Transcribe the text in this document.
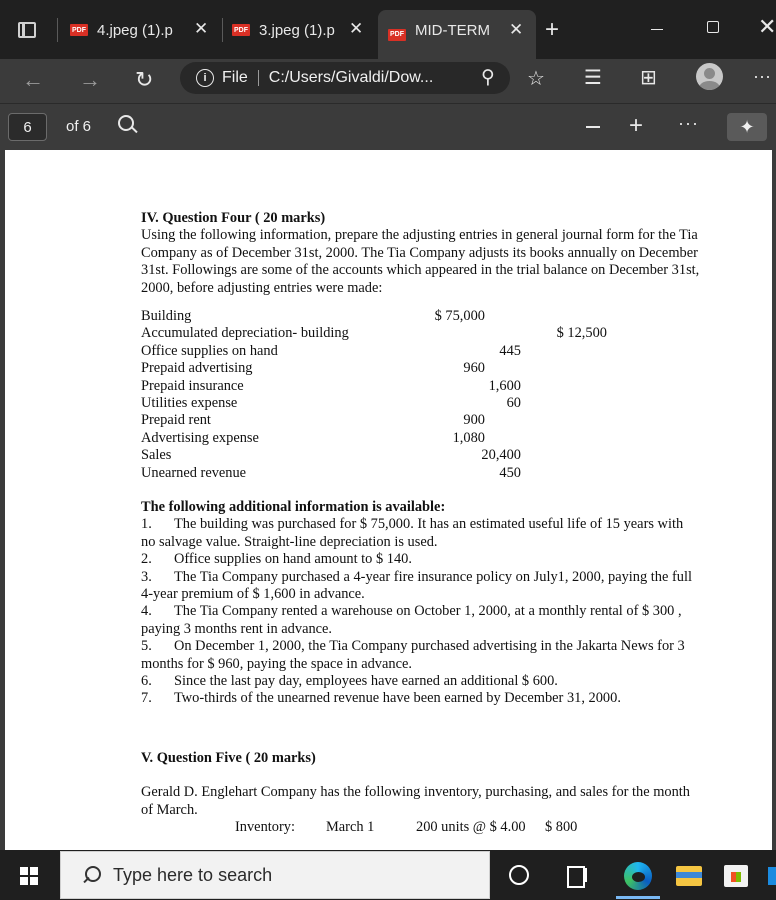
PDF 4.jpeg (1).p	✕	PDF 3.jpeg (1).p ✕	PDF MID-TERM ✕ +	✕
← → ↻	i File C:/Users/Givaldi/Dow...	⚲ ☆ ☰ ⊞	···
6	of 6	+ ···	✦

IV. Question Four ( 20 marks)

Using the following information, prepare the adjusting entries in general journal form for the Tia Company as of December 31st, 2000. The Tia Company adjusts its books annually on December 31st. Followings are some of the accounts which appeared in the trial balance on December 31st, 2000, before adjusting entries were made:

Building	$ 75,000
Accumulated depreciation- building	$ 12,500
Office supplies on hand	445
Prepaid advertising	960
Prepaid insurance	1,600
Utilities expense	60
Prepaid rent	900
Advertising expense	1,080
Sales	20,400
Unearned revenue	450

The following additional information is available:

1. The building was purchased for $ 75,000. It has an estimated useful life of 15 years with no salvage value. Straight-line depreciation is used.

2. Office supplies on hand amount to $ 140.

3. The Tia Company purchased a 4-year fire insurance policy on July1, 2000, paying the full 4-year premium of $ 1,600 in advance.

4. The Tia Company rented a warehouse on October 1, 2000, at a monthly rental of $ 300 , paying 3 months rent in advance.

5. On December 1, 2000, the Tia Company purchased advertising in the Jakarta News for 3 months for $ 960, paying the space in advance.

6. Since the last pay day, employees have earned an additional $ 600.

7. Two-thirds of the unearned revenue have been earned by December 31, 2000.

V. Question Five ( 20 marks)

Gerald D. Englehart Company has the following inventory, purchasing, and sales for the month of March.

Inventory: March 1	200 units @ $ 4.00 $ 800
Type here to search
